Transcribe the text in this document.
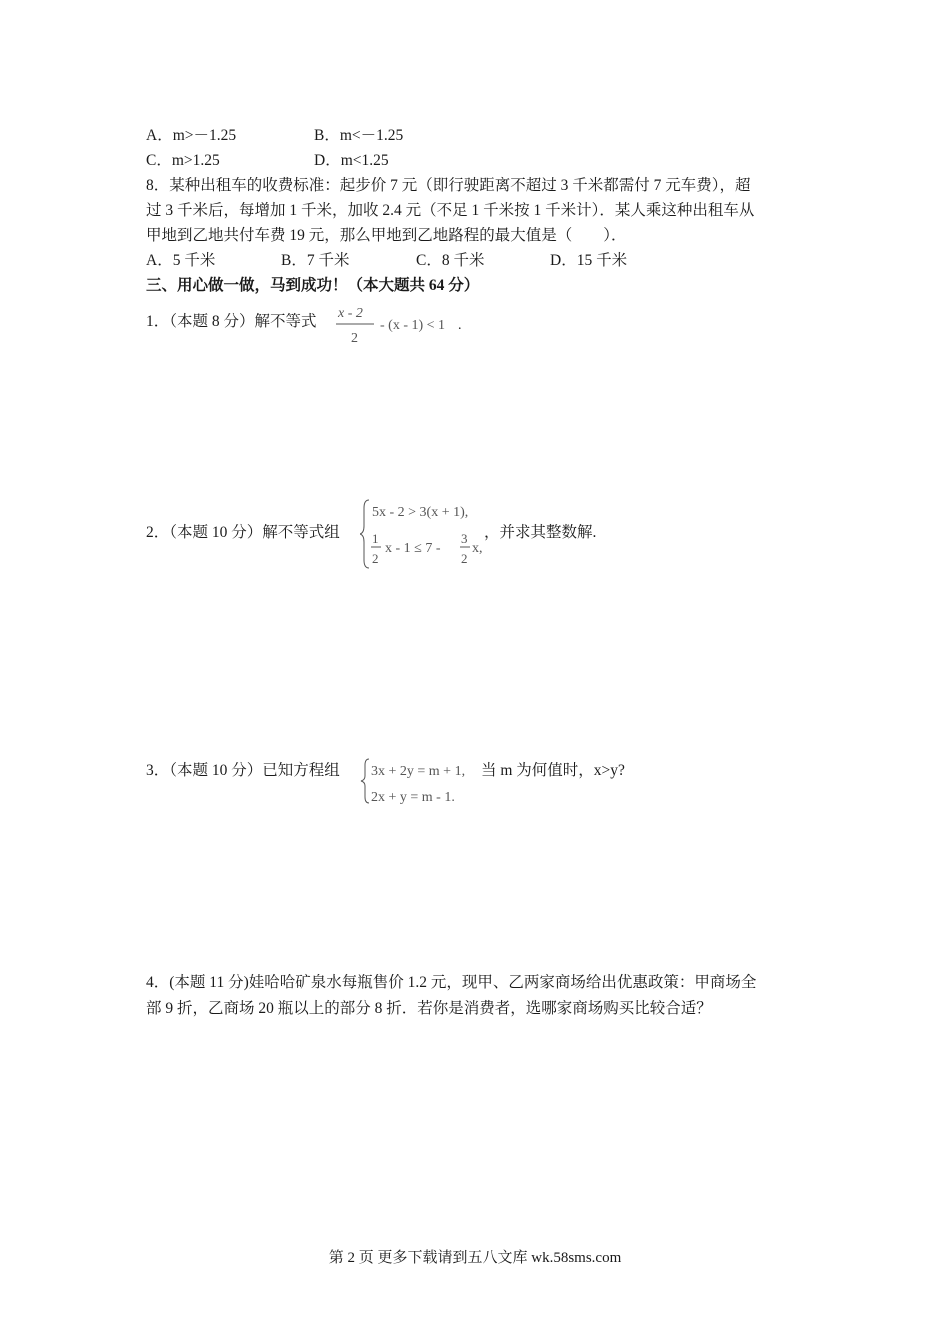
A．m>－1.25	B．m<－1.25
C．m>1.25	D．m<1.25
8．某种出租车的收费标准：起步价 7 元（即行驶距离不超过 3 千米都需付 7 元车费），超
过 3 千米后，每增加 1 千米，加收 2.4 元（不足 1 千米按 1 千米计）．某人乘这种出租车从
甲地到乙地共付车费 19 元，那么甲地到乙地路程的最大值是（　　）．
A．5 千米	B．7 千米	C．8 千米	D．15 千米
三、用心做一做，马到成功！（本大题共 64 分）
1．（本题 8 分）解不等式 x - 2
2
- (x - 1) < 1 .
2．（本题 10 分）解不等式组
5x - 2 > 3(x + 1),
1
2
x - 1 ≤ 7 -
3
2
x,
，并求其整数解.
3．（本题 10 分）已知方程组 3x + 2y = m + 1,
2x + y = m - 1.
当 m 为何值时，x>y?
4．(本题 11 分)娃哈哈矿泉水每瓶售价 1.2 元，现甲、乙两家商场给出优惠政策：甲商场全
部 9 折，乙商场 20 瓶以上的部分 8 折．若你是消费者，选哪家商场购买比较合适？
第 2 页 更多下载请到五八文库 wk.58sms.com
